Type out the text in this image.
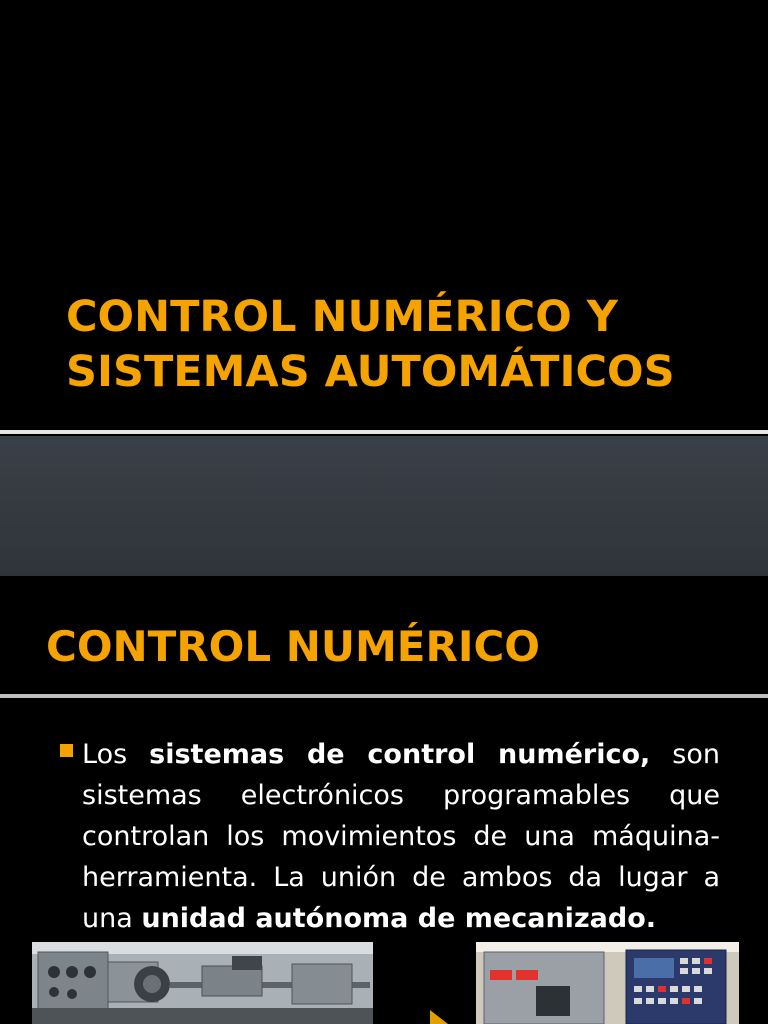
CONTROL NUMÉRICO Y
SISTEMAS AUTOMÁTICOS
CONTROL NUMÉRICO

Los sistemas de control numérico, son sistemas electrónicos programables que controlan los movimientos de una máquina-herramienta. La unión de ambos da lugar a una unidad autónoma de mecanizado.
